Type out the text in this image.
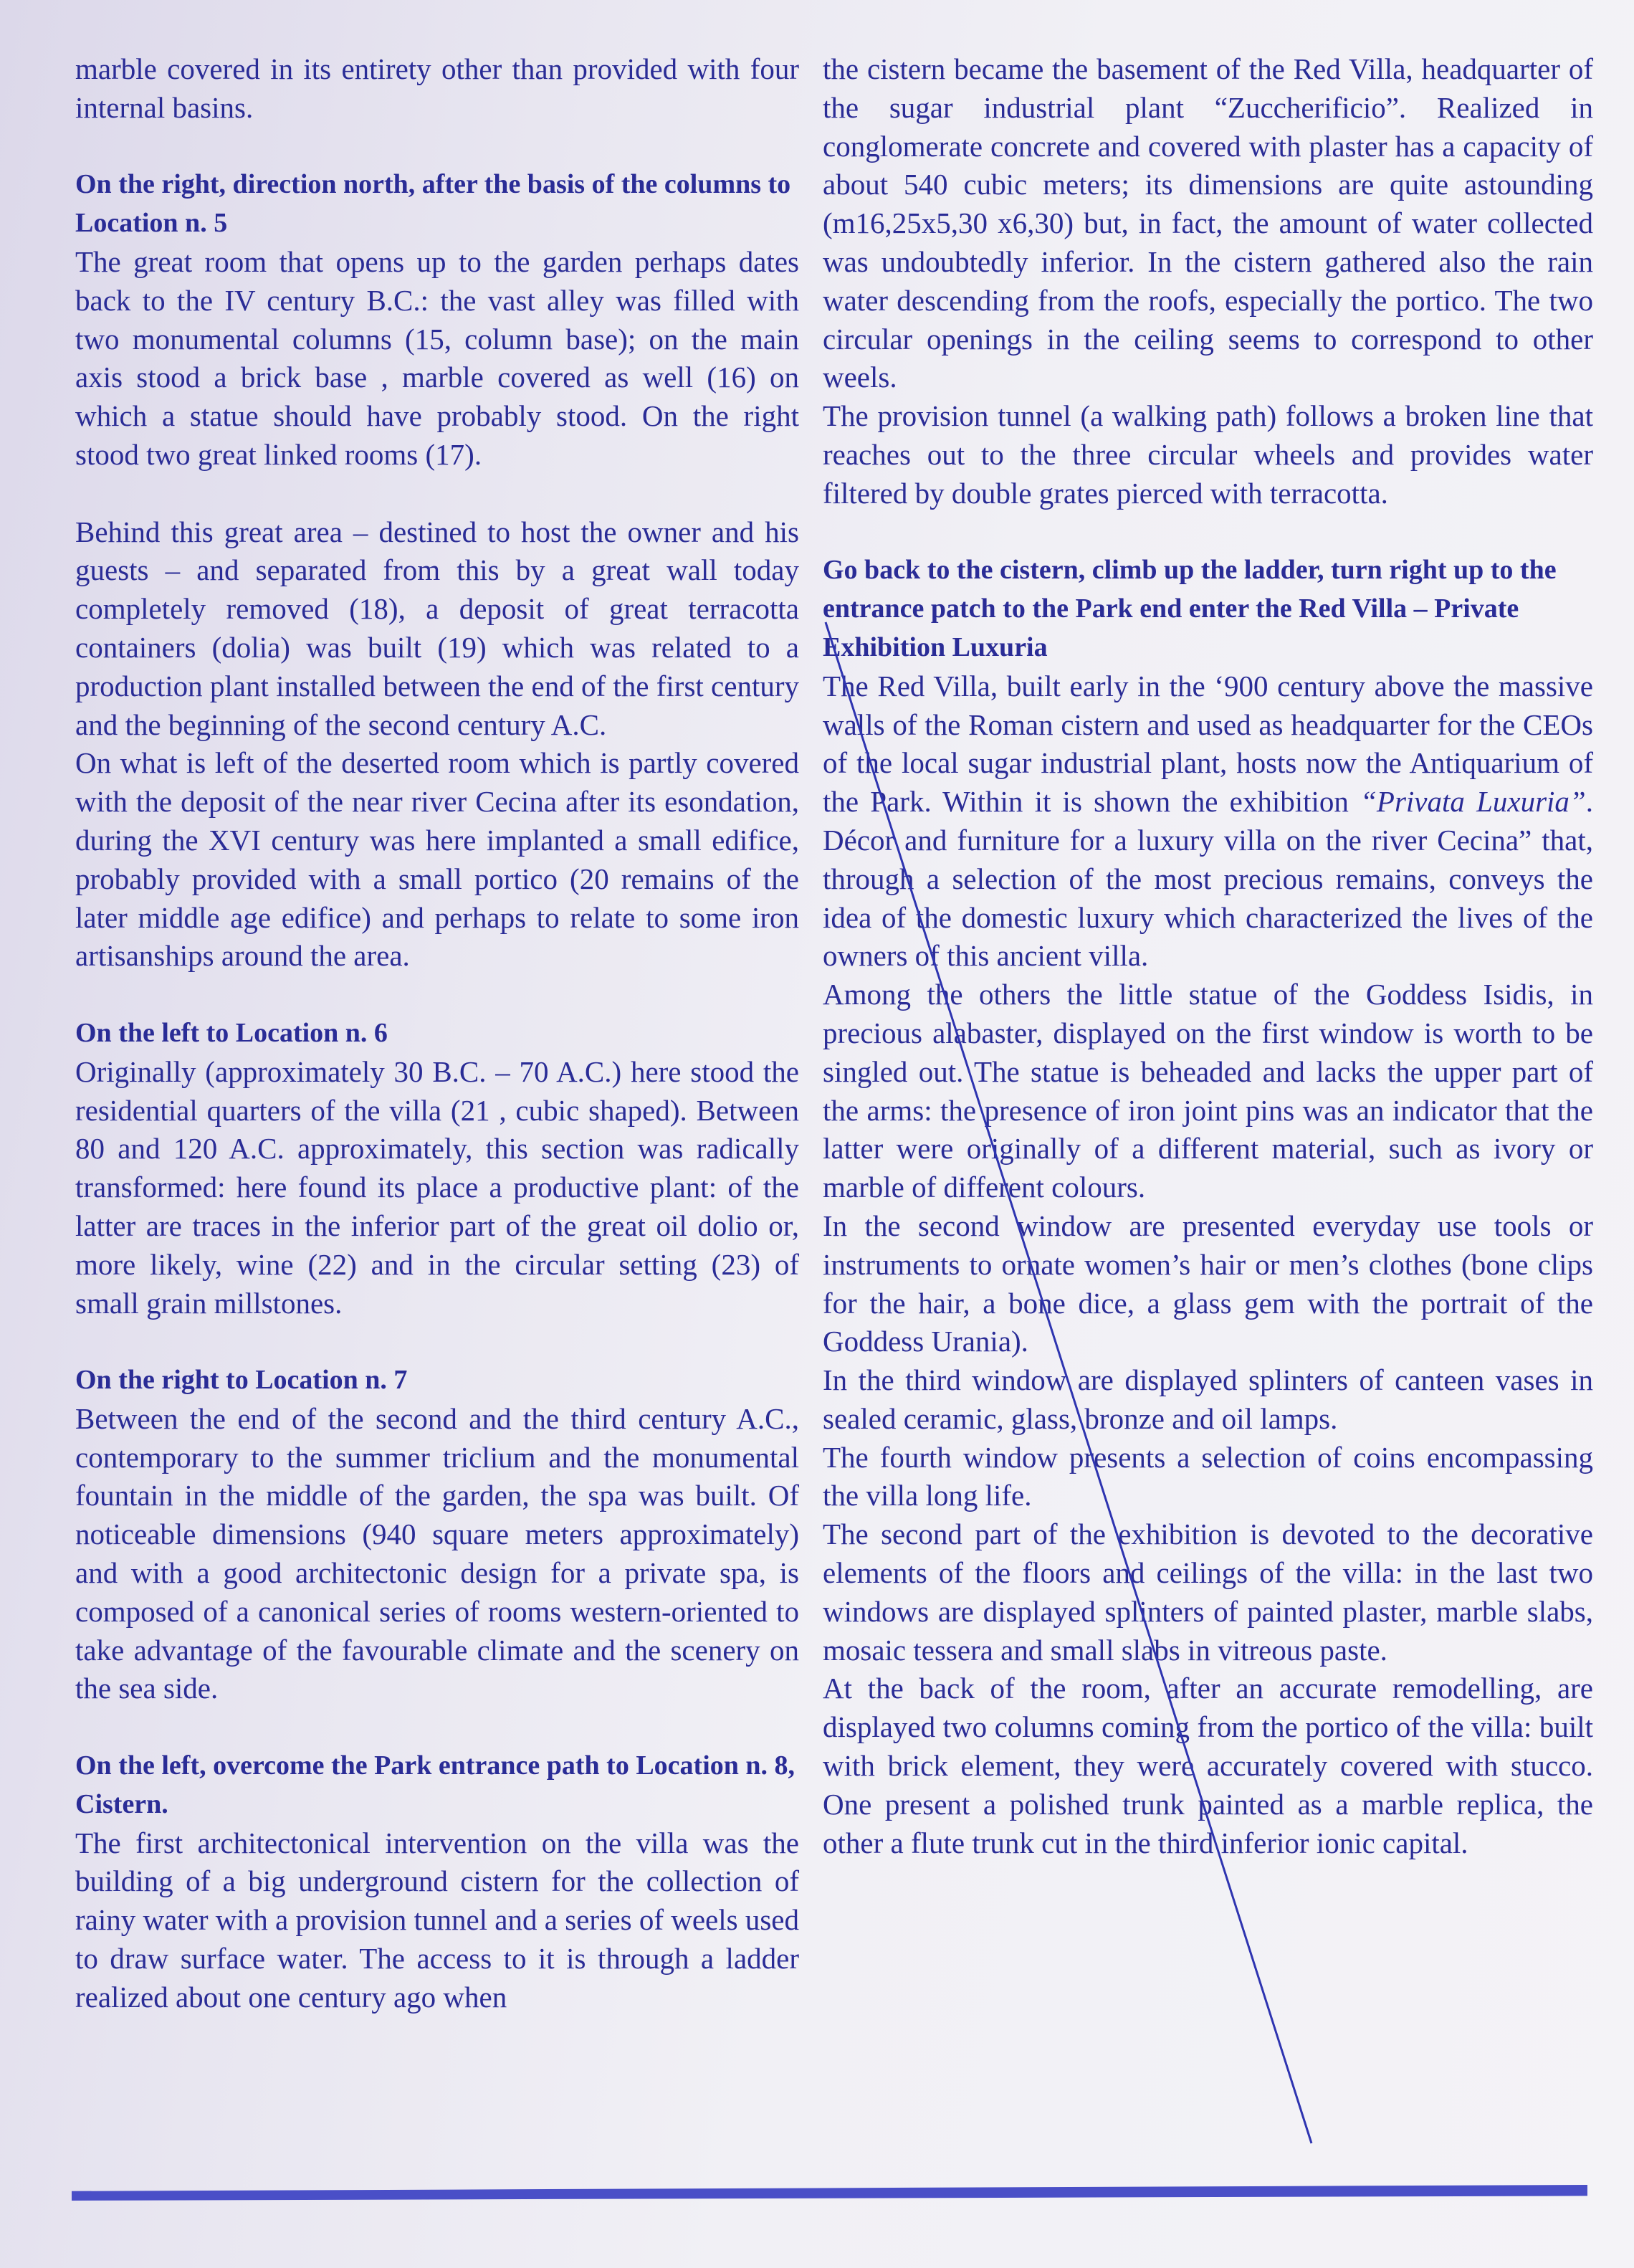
marble covered in its entirety other than provided with four internal basins.
On the right, direction north, after the basis of the columns to Location n. 5
The great room that opens up to the garden perhaps dates back to the IV century B.C.: the vast alley was filled with two monumental columns (15, column base); on the main axis stood a brick base , marble covered as well (16) on which a statue should have probably stood. On the right stood two great linked rooms (17).
Behind this great area – destined to host the owner and his guests – and separated from this by a great wall today completely removed (18), a deposit of great terracotta containers (dolia) was built (19) which was related to a production plant installed between the end of the first century and the beginning of the second century A.C.
On what is left of the deserted room which is partly covered with the deposit of the near river Cecina after its esondation, during the XVI century was here implanted a small edifice, probably provided with a small portico (20 remains of the later middle age edifice) and perhaps to relate to some iron artisanships around the area.
On the left to Location n. 6
Originally (approximately 30 B.C. – 70 A.C.) here stood the residential quarters of the villa (21 , cubic shaped). Between 80 and 120 A.C. approximately, this section was radically transformed: here found its place a productive plant: of the latter are traces in the inferior part of the great oil dolio or, more likely, wine (22) and in the circular setting (23) of small grain millstones.
On the right to Location n. 7
Between the end of the second and the third century A.C., contemporary to the summer triclium and the monumental fountain in the middle of the garden, the spa was built. Of noticeable dimensions (940 square meters approximately) and with a good architectonic design for a private spa, is composed of a canonical series of rooms western-oriented to take advantage of the favourable climate and the scenery on the sea side.
On the left, overcome the Park entrance path to Location n. 8, Cistern.
The first architectonical intervention on the villa was the building of a big underground cistern for the collection of rainy water with a provision tunnel and a series of weels used to draw surface water. The access to it is through a ladder realized about one century ago when
the cistern became the basement of the Red Villa, headquarter of the sugar industrial plant “Zuccherificio”. Realized in conglomerate concrete and covered with plaster has a capacity of about 540 cubic meters; its dimensions are quite astounding (m16,25x5,30 x6,30) but, in fact, the amount of water collected was undoubtedly inferior. In the cistern gathered also the rain water descending from the roofs, especially the portico. The two circular openings in the ceiling seems to correspond to other weels.
The provision tunnel (a walking path) follows a broken line that reaches out to the three circular wheels and provides water filtered by double grates pierced with terracotta.
Go back to the cistern, climb up the ladder, turn right up to the entrance patch to the Park end enter the Red Villa – Private Exhibition Luxuria
The Red Villa, built early in the ‘900 century above the massive walls of the Roman cistern and used as headquarter for the CEOs of the local sugar industrial plant, hosts now the Antiquarium of the Park. Within it is shown the exhibition “Privata Luxuria”. Décor and furniture for a luxury villa on the river Cecina” that, through a selection of the most precious remains, conveys the idea of the domestic luxury which characterized the lives of the owners of this ancient villa.
Among the others the little statue of the Goddess Isidis, in precious alabaster, displayed on the first window is worth to be singled out. The statue is beheaded and lacks the upper part of the arms: the presence of iron joint pins was an indicator that the latter were originally of a different material, such as ivory or marble of different colours.
In the second window are presented everyday use tools or instruments to ornate women’s hair or men’s clothes (bone clips for the hair, a bone dice, a glass gem with the portrait of the Goddess Urania).
In the third window are displayed splinters of canteen vases in sealed ceramic, glass, bronze and oil lamps.
The fourth window presents a selection of coins encompassing the villa long life.
The second part of the exhibition is devoted to the decorative elements of the floors and ceilings of the villa: in the last two windows are displayed splinters of painted plaster, marble slabs, mosaic tessera and small slabs in vitreous paste.
At the back of the room, after an accurate remodelling, are displayed two columns coming from the portico of the villa: built with brick element, they were accurately covered with stucco. One present a polished trunk painted as a marble replica, the other a flute trunk cut in the third inferior ionic capital.
